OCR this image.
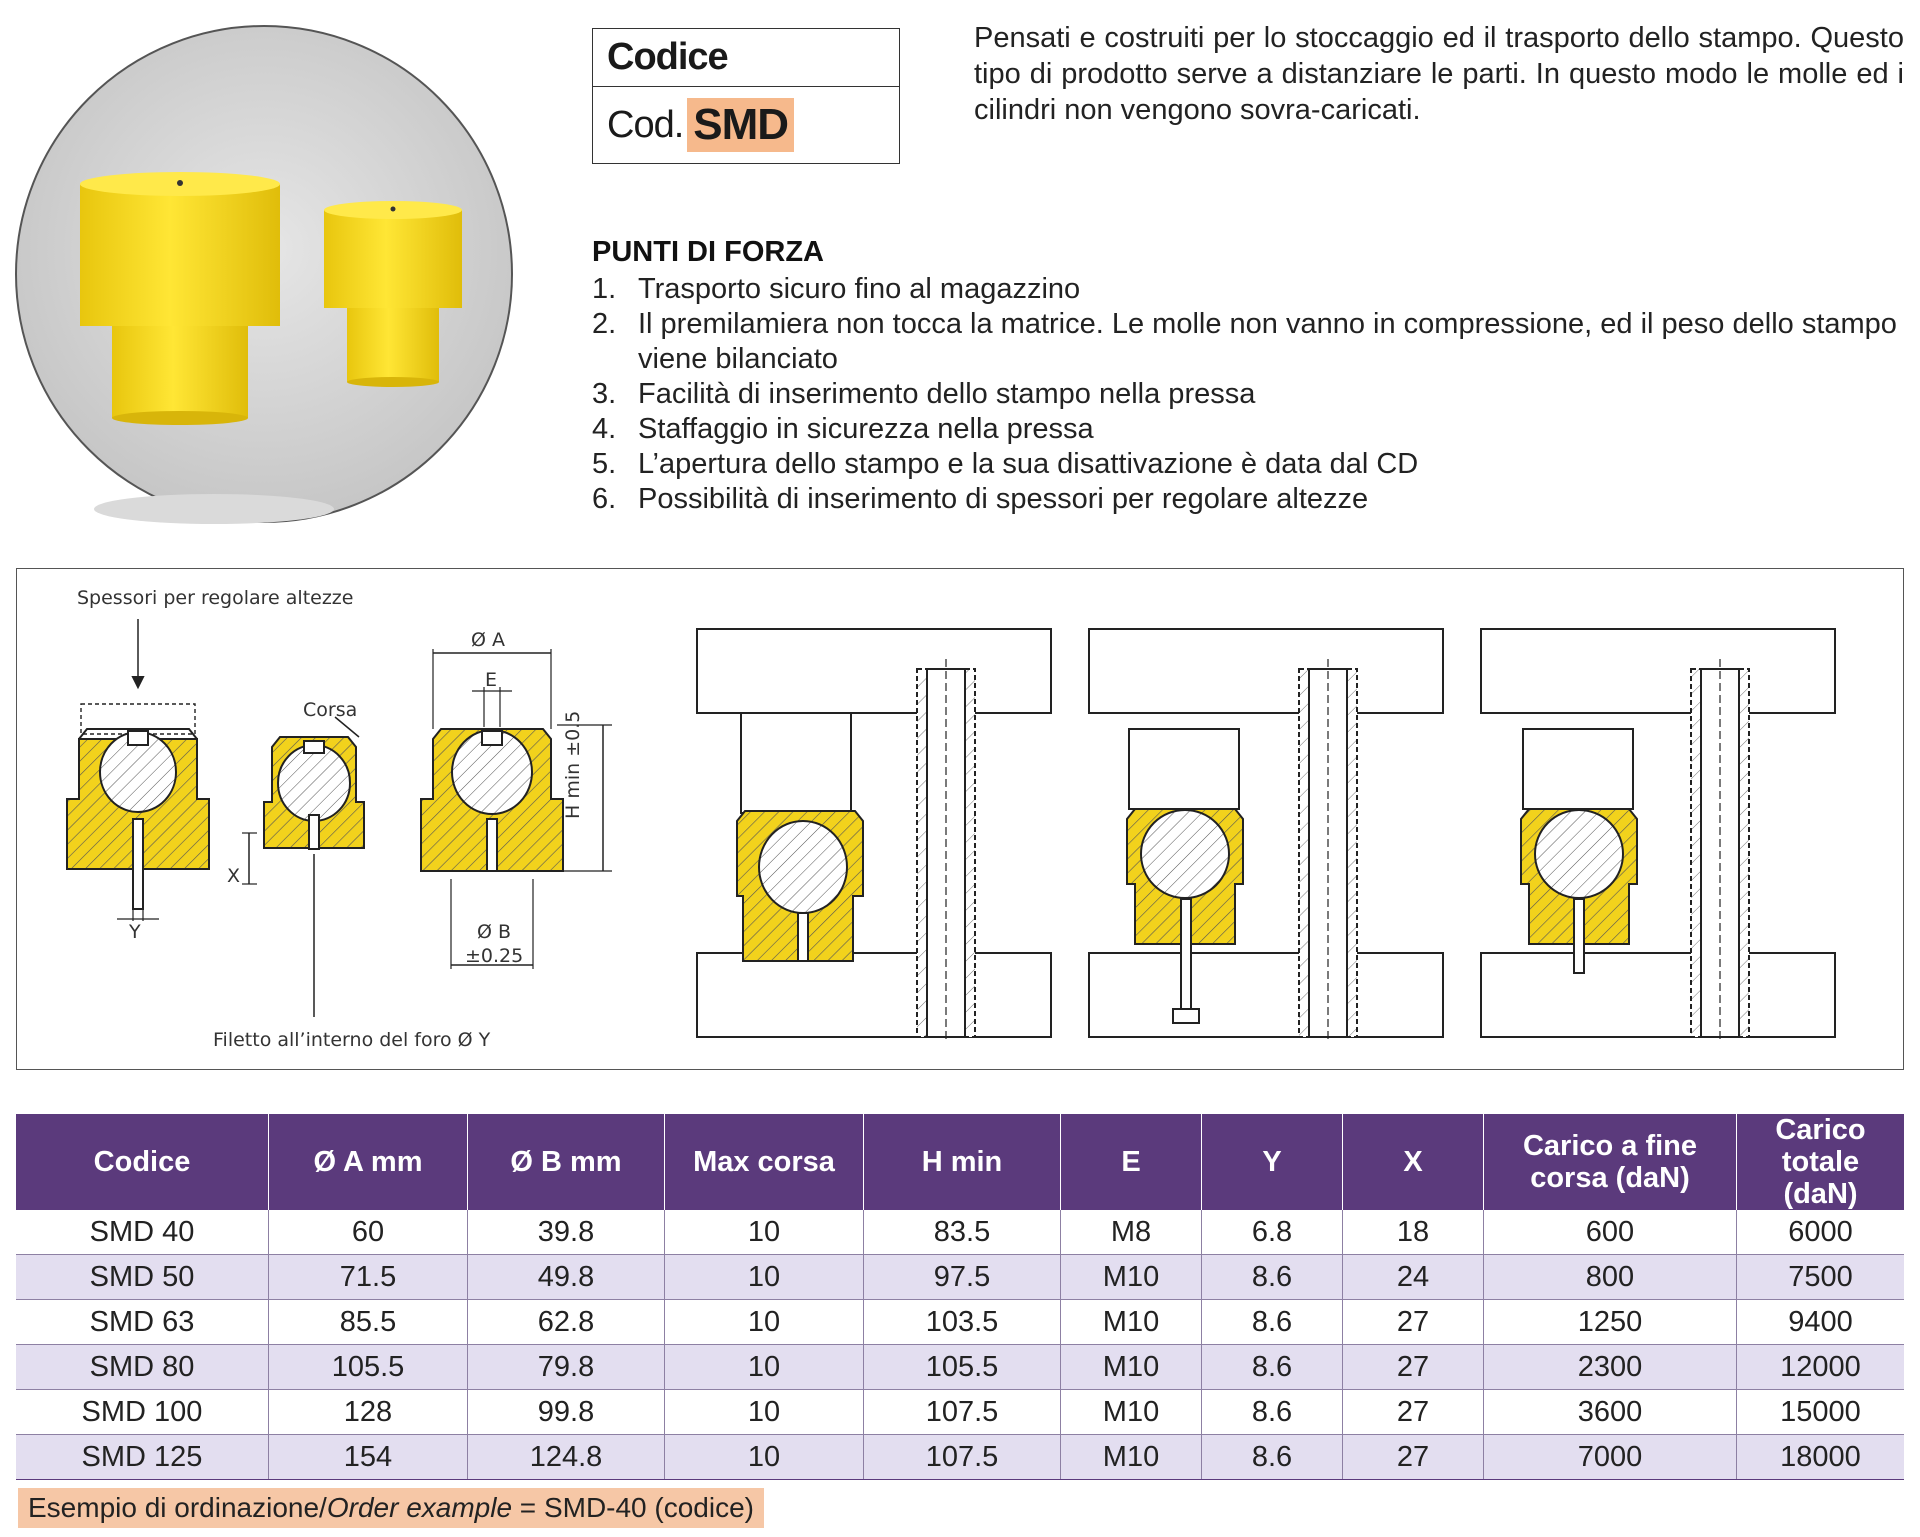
Codice
Cod. SMD
Pensati e costruiti per lo stoccaggio ed il trasporto dello stampo. Questo tipo di prodotto serve a distanziare le parti. In questo modo le molle ed i cilindri non vengono sovra-caricati.
PUNTI DI FORZA
1. Trasporto sicuro fino al magazzino
2. Il premilamiera non tocca la matrice. Le molle non vanno in compressione, ed il peso dello stampo viene bilanciato
3. Facilità di inserimento dello stampo nella pressa
4. Staffaggio in sicurezza nella pressa
5. L’apertura dello stampo e la sua disattivazione è data dal CD
6. Possibilità di inserimento di spessori per regolare altezze
Spessori per regolare altezze
Corsa
Ø A
E
H min ±0.5
X
Y	Ø B
±0.25
Filetto all’interno del foro Ø Y
Codice	Ø A mm	Ø B mm	Max corsa	H min	E	Y	X	Carico a fine corsa (daN)	Carico totale (daN)
SMD 40	60	39.8	10	83.5	M8	6.8	18	600	6000
SMD 50	71.5	49.8	10	97.5	M10	8.6	24	800	7500
SMD 63	85.5	62.8	10	103.5	M10	8.6	27	1250	9400
SMD 80	105.5	79.8	10	105.5	M10	8.6	27	2300	12000
SMD 100	128	99.8	10	107.5	M10	8.6	27	3600	15000
SMD 125	154	124.8	10	107.5	M10	8.6	27	7000	18000
Esempio di ordinazione/Order example = SMD-40 (codice)
